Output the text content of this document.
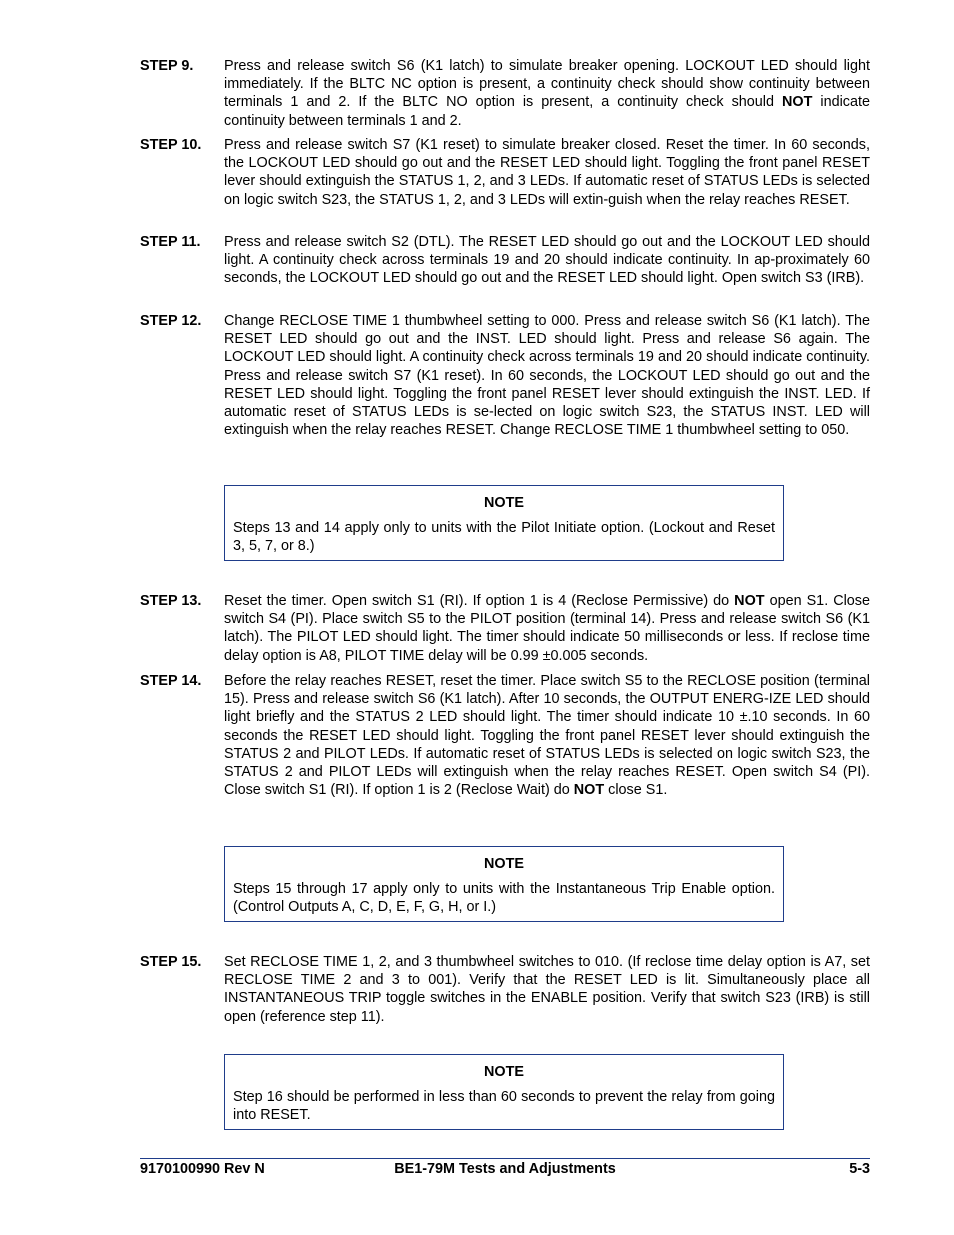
STEP 9. Press and release switch S6 (K1 latch) to simulate breaker opening. LOCKOUT LED should light immediately. If the BLTC NC option is present, a continuity check should show continuity between terminals 1 and 2. If the BLTC NO option is present, a continuity check should NOT indicate continuity between terminals 1 and 2.
STEP 10. Press and release switch S7 (K1 reset) to simulate breaker closed. Reset the timer. In 60 seconds, the LOCKOUT LED should go out and the RESET LED should light. Toggling the front panel RESET lever should extinguish the STATUS 1, 2, and 3 LEDs. If automatic reset of STATUS LEDs is selected on logic switch S23, the STATUS 1, 2, and 3 LEDs will extin-guish when the relay reaches RESET.
STEP 11. Press and release switch S2 (DTL). The RESET LED should go out and the LOCKOUT LED should light. A continuity check across terminals 19 and 20 should indicate continuity. In ap-proximately 60 seconds, the LOCKOUT LED should go out and the RESET LED should light. Open switch S3 (IRB).
STEP 12. Change RECLOSE TIME 1 thumbwheel setting to 000. Press and release switch S6 (K1 latch). The RESET LED should go out and the INST. LED should light. Press and release S6 again. The LOCKOUT LED should light. A continuity check across terminals 19 and 20 should indicate continuity. Press and release switch S7 (K1 reset). In 60 seconds, the LOCKOUT LED should go out and the RESET LED should light. Toggling the front panel RESET lever should extinguish the INST. LED. If automatic reset of STATUS LEDs is se-lected on logic switch S23, the STATUS INST. LED will extinguish when the relay reaches RESET. Change RECLOSE TIME 1 thumbwheel setting to 050.
NOTE
Steps 13 and 14 apply only to units with the Pilot Initiate option. (Lockout and Reset 3, 5, 7, or 8.)
STEP 13. Reset the timer. Open switch S1 (RI). If option 1 is 4 (Reclose Permissive) do NOT open S1. Close switch S4 (PI). Place switch S5 to the PILOT position (terminal 14). Press and release switch S6 (K1 latch). The PILOT LED should light. The timer should indicate 50 milliseconds or less. If reclose time delay option is A8, PILOT TIME delay will be 0.99 ±0.005 seconds.
STEP 14. Before the relay reaches RESET, reset the timer. Place switch S5 to the RECLOSE position (terminal 15). Press and release switch S6 (K1 latch). After 10 seconds, the OUTPUT ENERG-IZE LED should light briefly and the STATUS 2 LED should light. The timer should indicate 10 ±.10 seconds. In 60 seconds the RESET LED should light. Toggling the front panel RESET lever should extinguish the STATUS 2 and PILOT LEDs. If automatic reset of STATUS LEDs is selected on logic switch S23, the STATUS 2 and PILOT LEDs will extinguish when the relay reaches RESET. Open switch S4 (PI). Close switch S1 (RI). If option 1 is 2 (Reclose Wait) do NOT close S1.
NOTE
Steps 15 through 17 apply only to units with the Instantaneous Trip Enable option. (Control Outputs A, C, D, E, F, G, H, or I.)
STEP 15. Set RECLOSE TIME 1, 2, and 3 thumbwheel switches to 010. (If reclose time delay option is A7, set RECLOSE TIME 2 and 3 to 001). Verify that the RESET LED is lit. Simultaneously place all INSTANTANEOUS TRIP toggle switches in the ENABLE position. Verify that switch S23 (IRB) is still open (reference step 11).
NOTE
Step 16 should be performed in less than 60 seconds to prevent the relay from going into RESET.
9170100990 Rev N	BE1-79M Tests and Adjustments	5-3
